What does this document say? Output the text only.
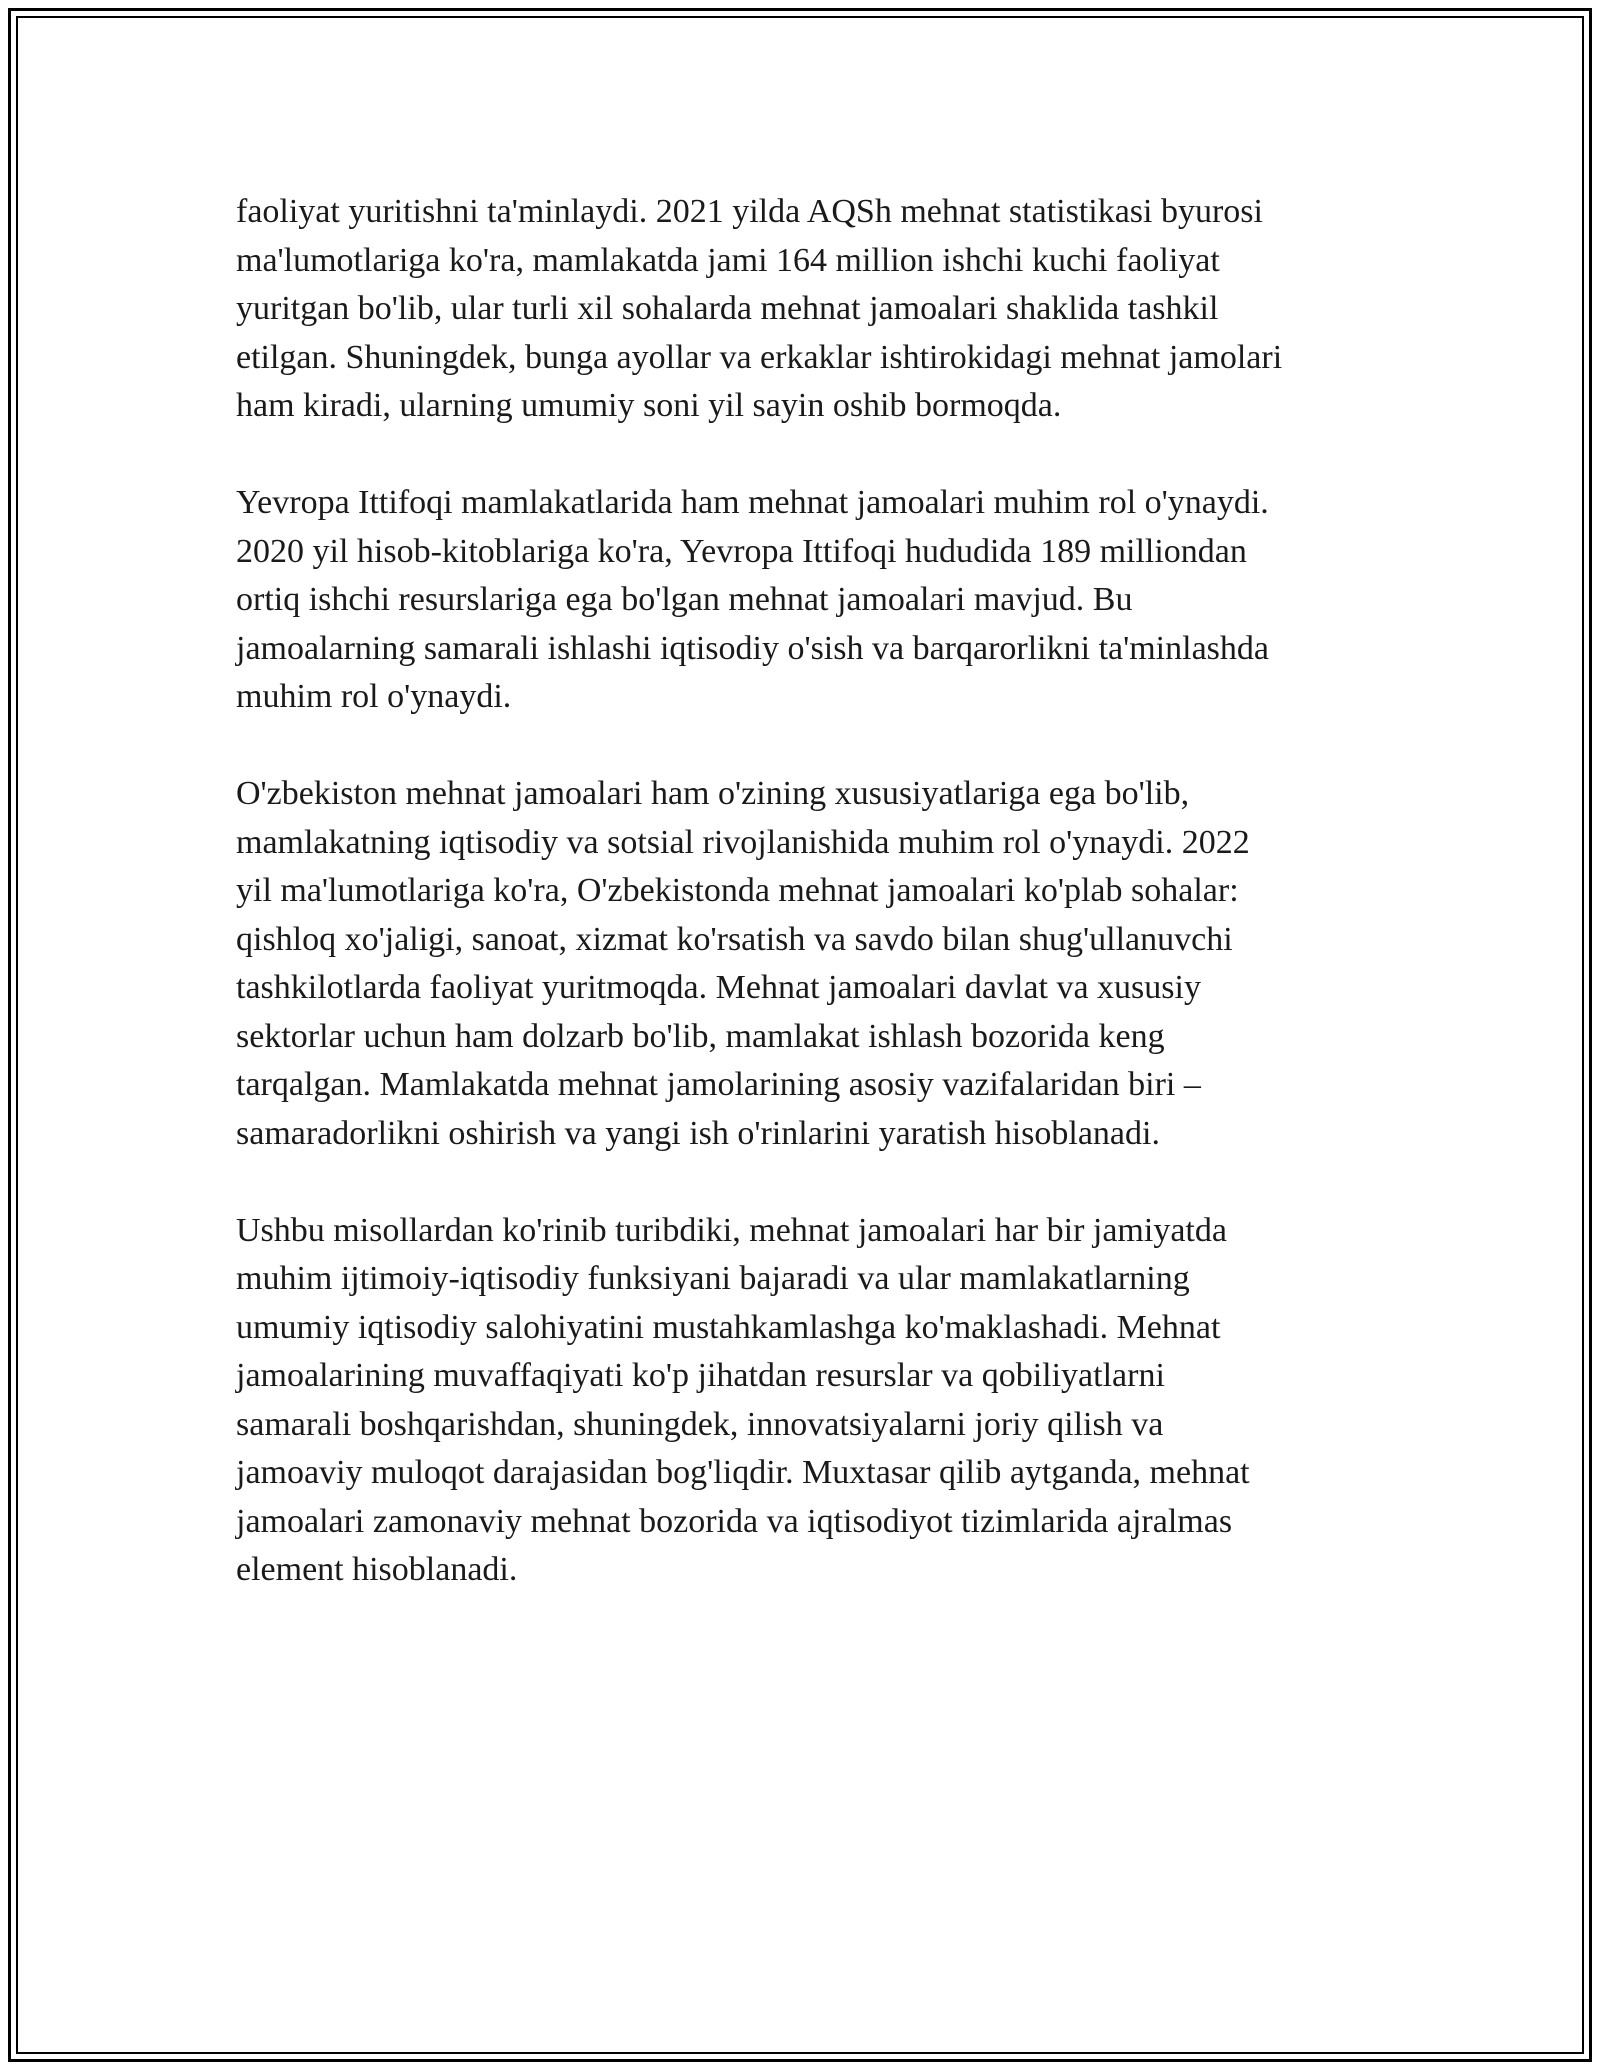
faoliyat yuritishni ta'minlaydi. 2021 yilda AQSh mehnat statistikasi byurosi
ma'lumotlariga ko'ra, mamlakatda jami 164 million ishchi kuchi faoliyat
yuritgan bo'lib, ular turli xil sohalarda mehnat jamoalari shaklida tashkil
etilgan. Shuningdek, bunga ayollar va erkaklar ishtirokidagi mehnat jamolari
ham kiradi, ularning umumiy soni yil sayin oshib bormoqda.

Yevropa Ittifoqi mamlakatlarida ham mehnat jamoalari muhim rol o'ynaydi.
2020 yil hisob-kitoblariga ko'ra, Yevropa Ittifoqi hududida 189 milliondan
ortiq ishchi resurslariga ega bo'lgan mehnat jamoalari mavjud. Bu
jamoalarning samarali ishlashi iqtisodiy o'sish va barqarorlikni ta'minlashda
muhim rol o'ynaydi.

O'zbekiston mehnat jamoalari ham o'zining xususiyatlariga ega bo'lib,
mamlakatning iqtisodiy va sotsial rivojlanishida muhim rol o'ynaydi. 2022
yil ma'lumotlariga ko'ra, O'zbekistonda mehnat jamoalari ko'plab sohalar:
qishloq xo'jaligi, sanoat, xizmat ko'rsatish va savdo bilan shug'ullanuvchi
tashkilotlarda faoliyat yuritmoqda. Mehnat jamoalari davlat va xususiy
sektorlar uchun ham dolzarb bo'lib, mamlakat ishlash bozorida keng
tarqalgan. Mamlakatda mehnat jamolarining asosiy vazifalaridan biri –
samaradorlikni oshirish va yangi ish o'rinlarini yaratish hisoblanadi.

Ushbu misollardan ko'rinib turibdiki, mehnat jamoalari har bir jamiyatda
muhim ijtimoiy-iqtisodiy funksiyani bajaradi va ular mamlakatlarning
umumiy iqtisodiy salohiyatini mustahkamlashga ko'maklashadi. Mehnat
jamoalarining muvaffaqiyati ko'p jihatdan resurslar va qobiliyatlarni
samarali boshqarishdan, shuningdek, innovatsiyalarni joriy qilish va
jamoaviy muloqot darajasidan bog'liqdir. Muxtasar qilib aytganda, mehnat
jamoalari zamonaviy mehnat bozorida va iqtisodiyot tizimlarida ajralmas
element hisoblanadi.
